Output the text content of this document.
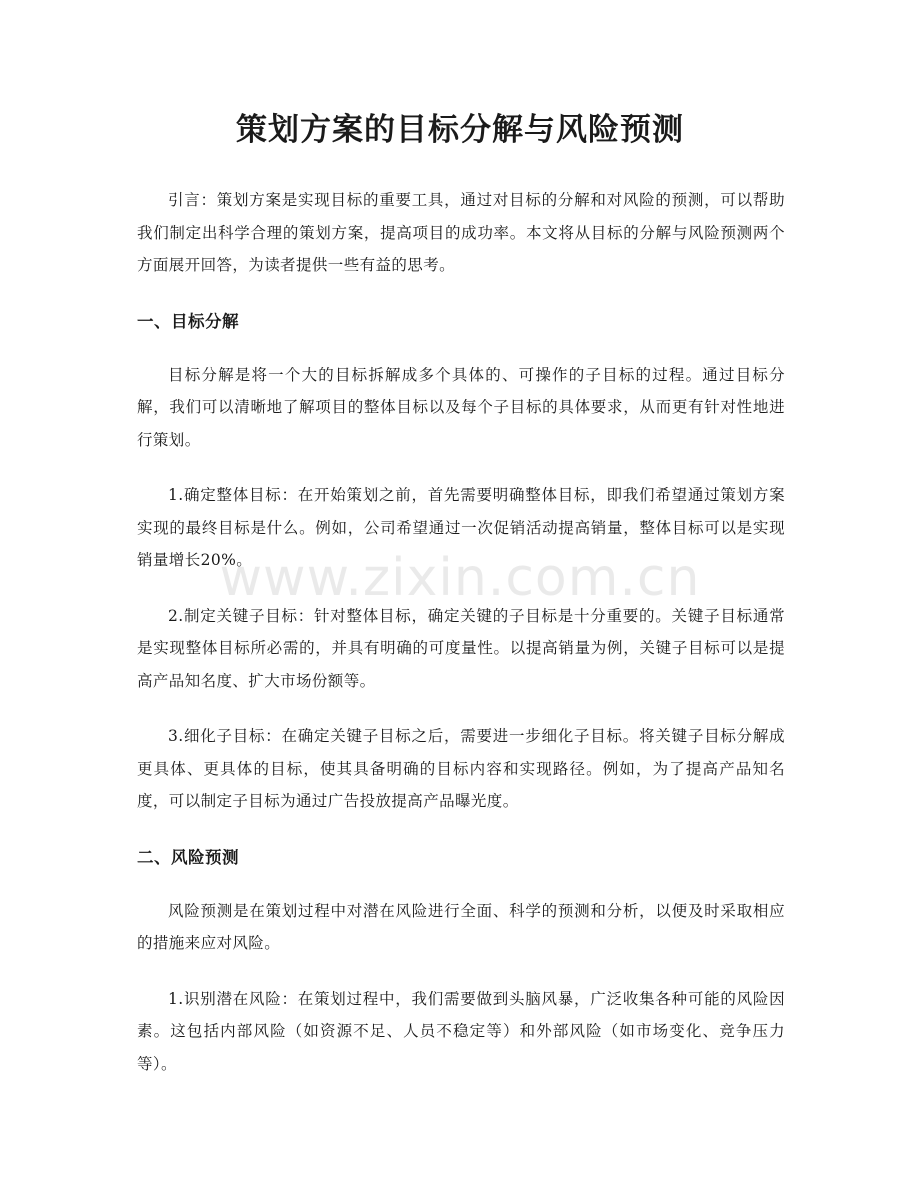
策划方案的目标分解与风险预测

引言：策划方案是实现目标的重要工具，通过对目标的分解和对风险的预测，可以帮助我们制定出科学合理的策划方案，提高项目的成功率。本文将从目标的分解与风险预测两个方面展开回答，为读者提供一些有益的思考。

一、目标分解

目标分解是将一个大的目标拆解成多个具体的、可操作的子目标的过程。通过目标分解，我们可以清晰地了解项目的整体目标以及每个子目标的具体要求，从而更有针对性地进行策划。

1.确定整体目标：在开始策划之前，首先需要明确整体目标，即我们希望通过策划方案实现的最终目标是什么。例如，公司希望通过一次促销活动提高销量，整体目标可以是实现销量增长20%。

2.制定关键子目标：针对整体目标，确定关键的子目标是十分重要的。关键子目标通常是实现整体目标所必需的，并具有明确的可度量性。以提高销量为例，关键子目标可以是提高产品知名度、扩大市场份额等。

3.细化子目标：在确定关键子目标之后，需要进一步细化子目标。将关键子目标分解成更具体、更具体的目标，使其具备明确的目标内容和实现路径。例如，为了提高产品知名度，可以制定子目标为通过广告投放提高产品曝光度。

二、风险预测

风险预测是在策划过程中对潜在风险进行全面、科学的预测和分析，以便及时采取相应的措施来应对风险。

1.识别潜在风险：在策划过程中，我们需要做到头脑风暴，广泛收集各种可能的风险因素。这包括内部风险（如资源不足、人员不稳定等）和外部风险（如市场变化、竞争压力等）。

www.zixin.com.cn
